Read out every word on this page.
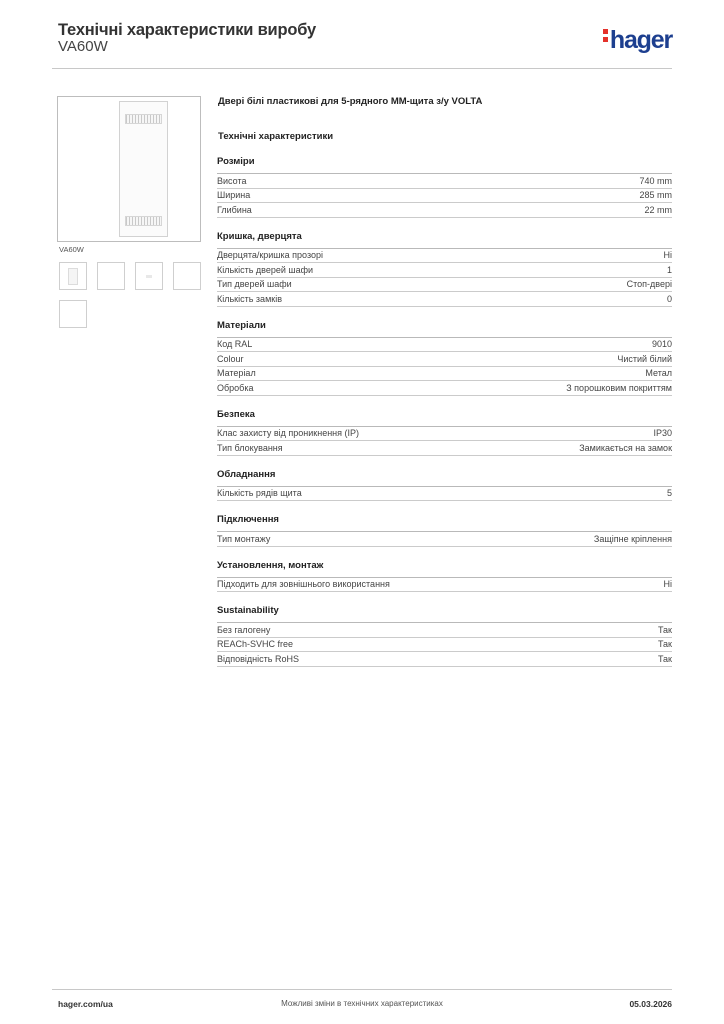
Технічні характеристики виробу
VA60W	hager
VA60W
Двері білі пластикові для 5-рядного ММ-щита з/у VOLTA
Технічні характеристики
Розміри
Висота	740 mm
Ширина	285 mm
Глибина	22 mm
Кришка, дверцята
Дверцята/кришка прозорі	Ні
Кількість дверей шафи	1
Тип дверей шафи	Стоп-двері
Кількість замків	0
Матеріали
Код RAL	9010
Colour	Чистий білий
Матеріал	Метал
Обробка	З порошковим покриттям
Безпека
Клас захисту від проникнення (IP)	IP30
Тип блокування	Замикається на замок
Обладнання
Кількість рядів щита	5
Підключення
Тип монтажу	Защіпне кріплення
Установлення, монтаж
Підходить для зовнішнього використання	Ні
Sustainability
Без галогену	Так
REACh-SVHC free	Так
Відповідність RoHS	Так
hager.com/ua	Можливі зміни в технічних характеристиках	05.03.2026
